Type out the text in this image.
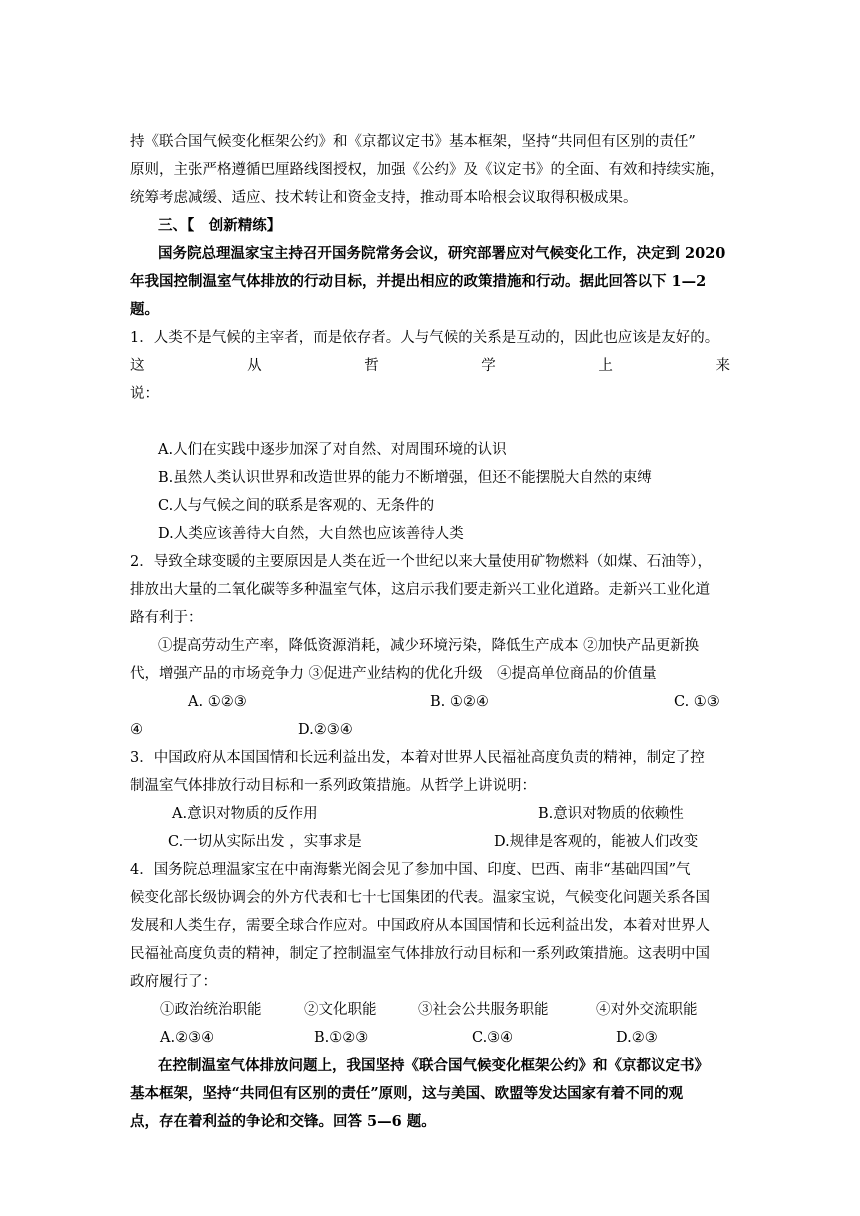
持《联合国气候变化框架公约》和《京都议定书》基本框架，坚持“共同但有区别的责任”
原则，主张严格遵循巴厘路线图授权，加强《公约》及《议定书》的全面、有效和持续实施，
统筹考虑减缓、适应、技术转让和资金支持，推动哥本哈根会议取得积极成果。
三、【　创新精练】
国务院总理温家宝主持召开国务院常务会议，研究部署应对气候变化工作，决定到 2020
年我国控制温室气体排放的行动目标，并提出相应的政策措施和行动。据此回答以下 1—2
题。
1．人类不是气候的主宰者，而是依存者。人与气候的关系是互动的，因此也应该是友好的。
这	从	哲	学	上	来
说：
A.人们在实践中逐步加深了对自然、对周围环境的认识
B.虽然人类认识世界和改造世界的能力不断增强，但还不能摆脱大自然的束缚
C.人与气候之间的联系是客观的、无条件的
D.人类应该善待大自然，大自然也应该善待人类
2．导致全球变暖的主要原因是人类在近一个世纪以来大量使用矿物燃料（如煤、石油等），
排放出大量的二氧化碳等多种温室气体，这启示我们要走新兴工业化道路。走新兴工业化道
路有利于：
①提高劳动生产率，降低资源消耗，减少环境污染，降低生产成本 ②加快产品更新换
代，增强产品的市场竞争力 ③促进产业结构的优化升级　④提高单位商品的价值量
A. ①②③	B. ①②④	C. ①③
④	D.②③④
3．中国政府从本国国情和长远利益出发，本着对世界人民福祉高度负责的精神，制定了控
制温室气体排放行动目标和一系列政策措施。从哲学上讲说明：
A.意识对物质的反作用	B.意识对物质的依赖性
C.一切从实际出发 ，实事求是	D.规律是客观的，能被人们改变
4．国务院总理温家宝在中南海紫光阁会见了参加中国、印度、巴西、南非“基础四国”气
候变化部长级协调会的外方代表和七十七国集团的代表。温家宝说，气候变化问题关系各国
发展和人类生存，需要全球合作应对。中国政府从本国国情和长远利益出发，本着对世界人
民福祉高度负责的精神，制定了控制温室气体排放行动目标和一系列政策措施。这表明中国
政府履行了：
①政治统治职能	②文化职能	③社会公共服务职能	④对外交流职能
A.②③④	B.①②③	C.③④	D.②③
在控制温室气体排放问题上，我国坚持《联合国气候变化框架公约》和《京都议定书》
基本框架，坚持“共同但有区别的责任”原则，这与美国、欧盟等发达国家有着不同的观
点，存在着利益的争论和交锋。回答 5—6 题。
